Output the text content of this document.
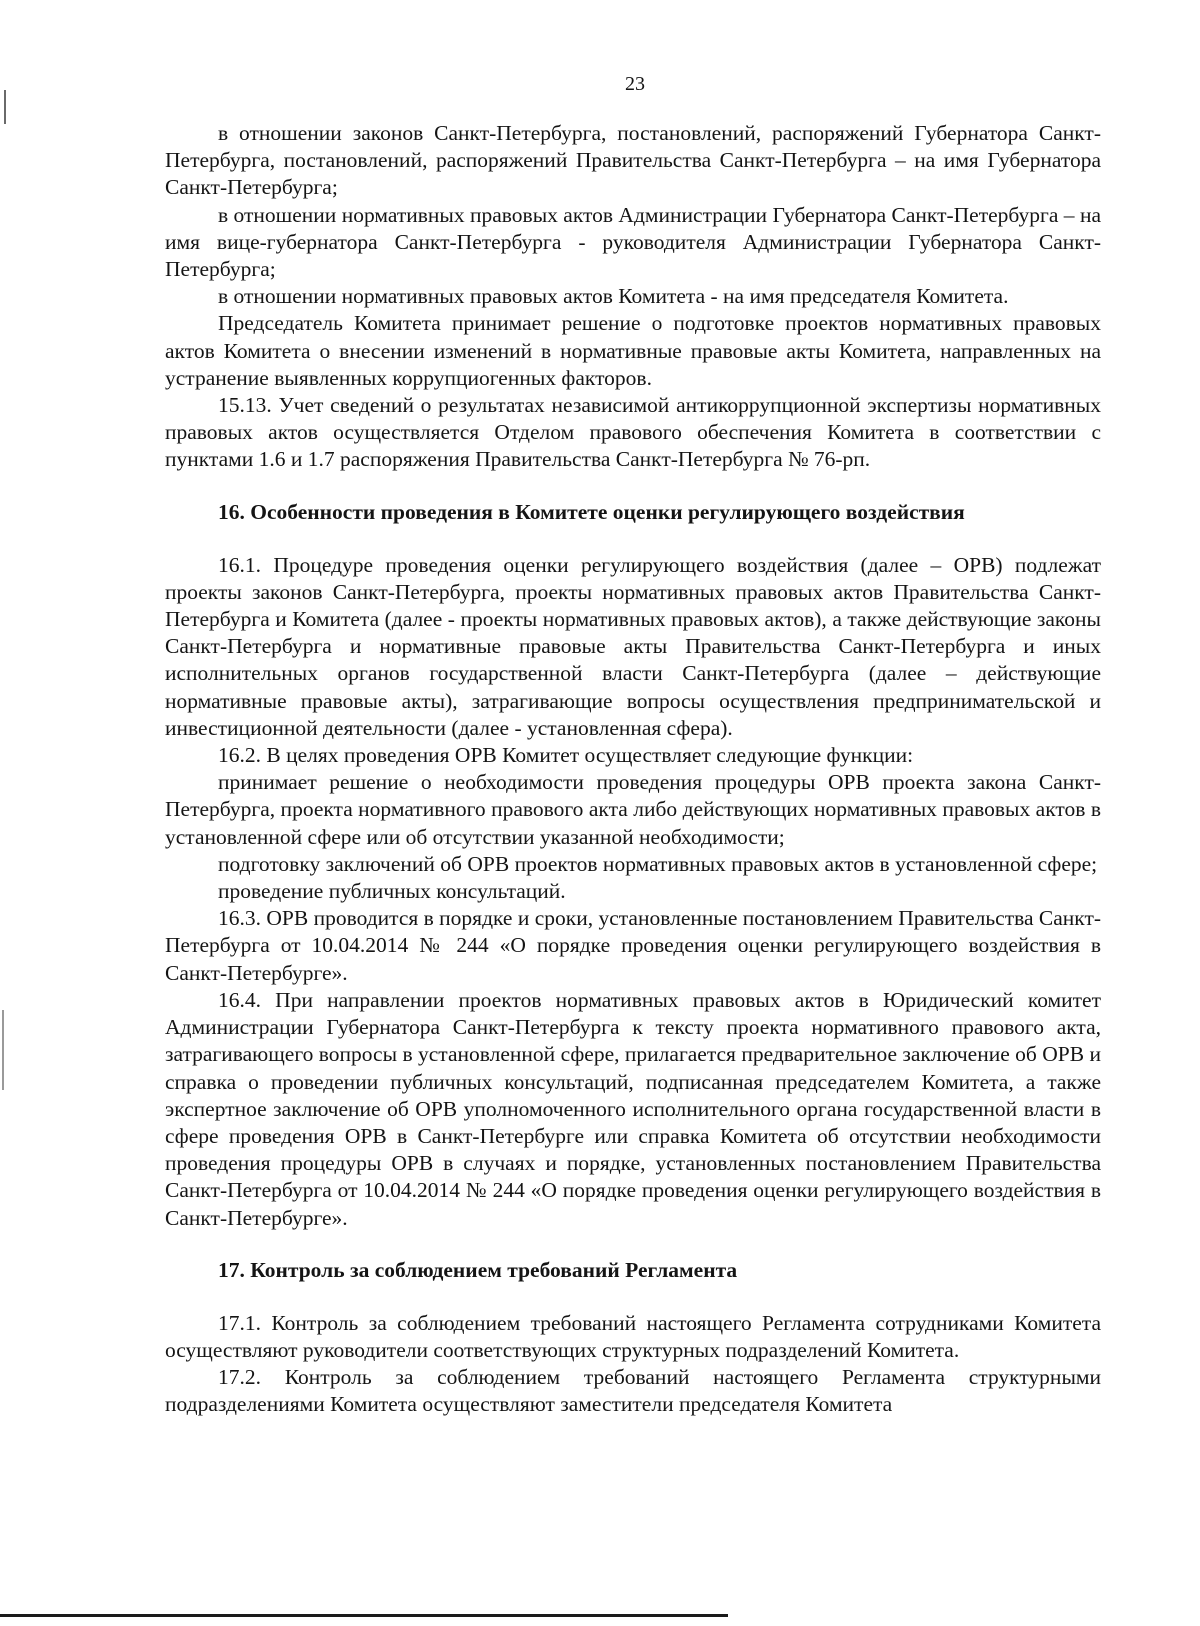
23

в отношении законов Санкт-Петербурга, постановлений, распоряжений Губернатора Санкт-Петербурга, постановлений, распоряжений Правительства Санкт-Петербурга – на имя Губернатора Санкт-Петербурга;

в отношении нормативных правовых актов Администрации Губернатора Санкт-Петербурга – на имя вице-губернатора Санкт-Петербурга - руководителя Администрации Губернатора Санкт-Петербурга;

в отношении нормативных правовых актов Комитета - на имя председателя Комитета.

Председатель Комитета принимает решение о подготовке проектов нормативных правовых актов Комитета о внесении изменений в нормативные правовые акты Комитета, направленных на устранение выявленных коррупциогенных факторов.

15.13. Учет сведений о результатах независимой антикоррупционной экспертизы нормативных правовых актов осуществляется Отделом правового обеспечения Комитета в соответствии с пунктами 1.6 и 1.7 распоряжения Правительства Санкт-Петербурга № 76-рп.

16. Особенности проведения в Комитете оценки регулирующего воздействия

16.1. Процедуре проведения оценки регулирующего воздействия (далее – ОРВ) подлежат проекты законов Санкт-Петербурга, проекты нормативных правовых актов Правительства Санкт-Петербурга и Комитета (далее - проекты нормативных правовых актов), а также действующие законы Санкт-Петербурга и нормативные правовые акты Правительства Санкт-Петербурга и иных исполнительных органов государственной власти Санкт-Петербурга (далее – действующие нормативные правовые акты), затрагивающие вопросы осуществления предпринимательской и инвестиционной деятельности (далее - установленная сфера).

16.2. В целях проведения ОРВ Комитет осуществляет следующие функции:

принимает решение о необходимости проведения процедуры ОРВ проекта закона Санкт-Петербурга, проекта нормативного правового акта либо действующих нормативных правовых актов в установленной сфере или об отсутствии указанной необходимости;

подготовку заключений об ОРВ проектов нормативных правовых актов в установленной сфере;

проведение публичных консультаций.

16.3. ОРВ проводится в порядке и сроки, установленные постановлением Правительства Санкт-Петербурга от 10.04.2014 № 244 «О порядке проведения оценки регулирующего воздействия в Санкт-Петербурге».

16.4. При направлении проектов нормативных правовых актов в Юридический комитет Администрации Губернатора Санкт-Петербурга к тексту проекта нормативного правового акта, затрагивающего вопросы в установленной сфере, прилагается предварительное заключение об ОРВ и справка о проведении публичных консультаций, подписанная председателем Комитета, а также экспертное заключение об ОРВ уполномоченного исполнительного органа государственной власти в сфере проведения ОРВ в Санкт-Петербурге или справка Комитета об отсутствии необходимости проведения процедуры ОРВ в случаях и порядке, установленных постановлением Правительства Санкт-Петербурга от 10.04.2014 № 244 «О порядке проведения оценки регулирующего воздействия в Санкт-Петербурге».

17. Контроль за соблюдением требований Регламента

17.1. Контроль за соблюдением требований настоящего Регламента сотрудниками Комитета осуществляют руководители соответствующих структурных подразделений Комитета.

17.2. Контроль за соблюдением требований настоящего Регламента структурными подразделениями Комитета осуществляют заместители председателя Комитета
